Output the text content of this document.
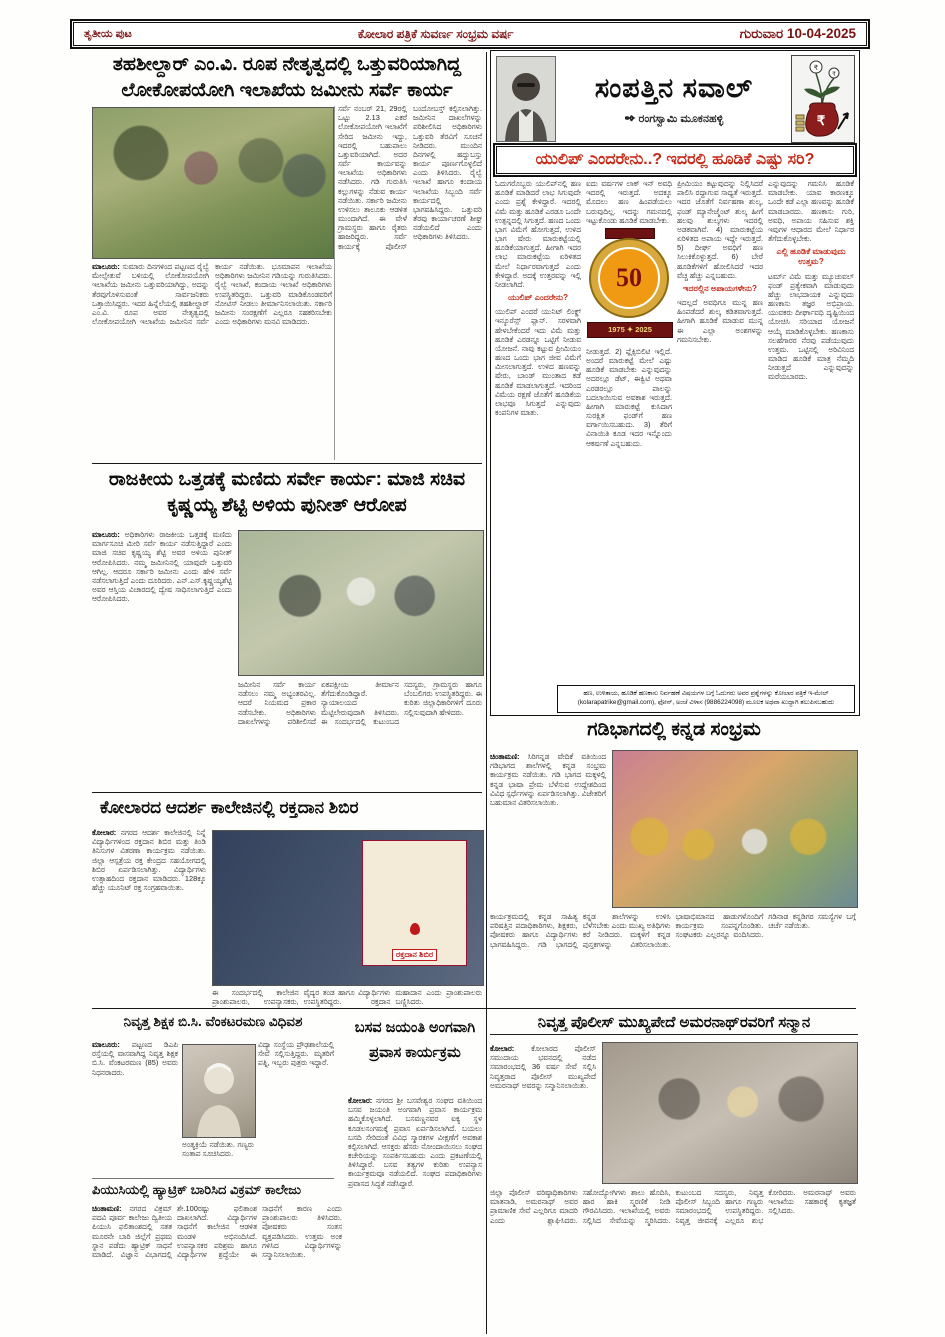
ತೃತೀಯ ಪುಟ	ಕೋಲಾರ ಪತ್ರಿಕೆ ಸುವರ್ಣ ಸಂಭ್ರಮ ವರ್ಷ	ಗುರುವಾರ 10-04-2025
ತಹಶೀಲ್ದಾರ್ ಎಂ.ವಿ. ರೂಪ ನೇತೃತ್ವದಲ್ಲಿ ಒತ್ತುವರಿಯಾಗಿದ್ದ ಲೋಕೋಪಯೋಗಿ ಇಲಾಖೆಯ ಜಮೀನು ಸರ್ವೆ ಕಾರ್ಯ
ಸರ್ವೆ ನಂಬರ್ 21, 29ರಲ್ಲಿ ಒಟ್ಟು 2.13 ಎಕರೆ ಲೋಕೋಪಯೋಗಿ ಇಲಾಖೆಗೆ ಸೇರಿದ ಜಮೀನು ಇದ್ದು, ಇದರಲ್ಲಿ ಬಹುಪಾಲು ಒತ್ತುವರಿಯಾಗಿದೆ. ಅದರ ಸರ್ವೆ ಕಾರ್ಯವನ್ನು ಇಲಾಖೆಯ ಅಧಿಕಾರಿಗಳು ನಡೆಸಿದರು. ಗಡಿ ಗುರುತಿಸಿ ಕಲ್ಲುಗಳನ್ನು ನೆಡುವ ಕಾರ್ಯ ನಡೆಯಿತು. ಸರ್ಕಾರಿ ಜಮೀನು ಉಳಿಸಲು ತಾಲೂಕು ಆಡಳಿತ ಮುಂದಾಗಿದೆ. ಈ ವೇಳೆ ಗ್ರಾಮಸ್ಥರು ಹಾಗೂ ರೈತರು ಹಾಜರಿದ್ದರು. ಸರ್ವೆ ಕಾರ್ಯಕ್ಕೆ ಪೊಲೀಸ್ ಬಂದೋಬಸ್ತ್ ಕಲ್ಪಿಸಲಾಗಿತ್ತು. ಜಮೀನಿನ ದಾಖಲೆಗಳನ್ನು ಪರಿಶೀಲಿಸಿದ ಅಧಿಕಾರಿಗಳು ಒತ್ತುವರಿ ತೆರವಿಗೆ ಸೂಚನೆ ನೀಡಿದರು. ಮುಂದಿನ ದಿನಗಳಲ್ಲಿ ಹದ್ದುಬಸ್ತು ಕಾರ್ಯ ಪೂರ್ಣಗೊಳ್ಳಲಿದೆ ಎಂದು ತಿಳಿಸಿದರು. ರೈಲ್ವೆ ಇಲಾಖೆ ಹಾಗೂ ಕಂದಾಯ ಇಲಾಖೆಯ ಸಿಬ್ಬಂದಿ ಸರ್ವೆ ಕಾರ್ಯದಲ್ಲಿ ಭಾಗವಹಿಸಿದ್ದರು. ಒತ್ತುವರಿ ತೆರವು ಕಾರ್ಯಾಚರಣೆ ಶೀಘ್ರ ನಡೆಯಲಿದೆ ಎಂದು ಅಧಿಕಾರಿಗಳು ತಿಳಿಸಿದರು.
ಮಾಲೂರು: ಸುಮಾರು ದಿನಗಳಿಂದ ಪಟ್ಟಣದ ರೈಲ್ವೆ ಮೇಲ್ಸೇತುವೆ ಬಳಿಯಲ್ಲಿ ಲೋಕೋಪಯೋಗಿ ಇಲಾಖೆಯ ಜಮೀನು ಒತ್ತುವರಿಯಾಗಿದ್ದು, ಅದನ್ನು ತೆರವುಗೊಳಿಸುವಂತೆ ಸಾರ್ವಜನಿಕರು ಒತ್ತಾಯಿಸಿದ್ದರು. ಇದರ ಹಿನ್ನೆಲೆಯಲ್ಲಿ ತಹಶೀಲ್ದಾರ್ ಎಂ.ವಿ. ರೂಪ ಅವರ ನೇತೃತ್ವದಲ್ಲಿ ಲೋಕೋಪಯೋಗಿ ಇಲಾಖೆಯ ಜಮೀನಿನ ಸರ್ವೆ ಕಾರ್ಯ ನಡೆಯಿತು. ಭೂಮಾಪನ ಇಲಾಖೆಯ ಅಧಿಕಾರಿಗಳು ಜಮೀನಿನ ಗಡಿಯನ್ನು ಗುರುತಿಸಿದರು. ರೈಲ್ವೆ ಇಲಾಖೆ, ಕಂದಾಯ ಇಲಾಖೆ ಅಧಿಕಾರಿಗಳು ಉಪಸ್ಥಿತರಿದ್ದರು. ಒತ್ತುವರಿ ಮಾಡಿಕೊಂಡವರಿಗೆ ನೋಟಿಸ್ ನೀಡಲು ತೀರ್ಮಾನಿಸಲಾಯಿತು. ಸರ್ಕಾರಿ ಜಮೀನು ಸಂರಕ್ಷಣೆಗೆ ಎಲ್ಲರೂ ಸಹಕರಿಸಬೇಕು ಎಂದು ಅಧಿಕಾರಿಗಳು ಮನವಿ ಮಾಡಿದರು.
ಸಂಪತ್ತಿನ ಸವಾಲ್
✒ ರಂಗಸ್ವಾಮಿ ಮೂಕನಹಳ್ಳಿ
₹
₹
₹
ಯುಲಿಪ್ ಎಂದರೇನು..? ಇದರಲ್ಲಿ ಹೂಡಿಕೆ ಎಷ್ಟು ಸರಿ?
ಓದುಗರೊಬ್ಬರು ಯುಲಿಪ್‌ನಲ್ಲಿ ಹಣ ಹೂಡಿಕೆ ಮಾಡಿದರೆ ಲಾಭ ಸಿಗುವುದೇ ಎಂದು ಪ್ರಶ್ನೆ ಕೇಳಿದ್ದಾರೆ. ಇದರಲ್ಲಿ ವಿಮೆ ಮತ್ತು ಹೂಡಿಕೆ ಎರಡೂ ಒಂದೇ ಉತ್ಪನ್ನದಲ್ಲಿ ಸಿಗುತ್ತದೆ. ಹಣದ ಒಂದು ಭಾಗ ವಿಮೆಗೆ ಹೋಗುತ್ತದೆ, ಉಳಿದ ಭಾಗ ಷೇರು ಮಾರುಕಟ್ಟೆಯಲ್ಲಿ ಹೂಡಿಕೆಯಾಗುತ್ತದೆ. ಹೀಗಾಗಿ ಇದರ ಲಾಭ ಮಾರುಕಟ್ಟೆಯ ಏರಿಳಿತದ ಮೇಲೆ ನಿರ್ಧಾರವಾಗುತ್ತದೆ ಎಂದು ಕೇಳಿದ್ದಾರೆ. ಅದಕ್ಕೆ ಉತ್ತರವನ್ನು ಇಲ್ಲಿ ನೀಡಲಾಗಿದೆ.
ಯುಲಿಪ್ ಎಂದರೇನು?
ಯುಲಿಪ್ ಎಂದರೆ ಯುನಿಟ್ ಲಿಂಕ್ಡ್ ಇನ್ಶೂರೆನ್ಸ್ ಪ್ಲಾನ್. ಸರಳವಾಗಿ ಹೇಳಬೇಕೆಂದರೆ ಇದು ವಿಮೆ ಮತ್ತು ಹೂಡಿಕೆ ಎರಡನ್ನೂ ಒಟ್ಟಿಗೆ ನೀಡುವ ಯೋಜನೆ. ನಾವು ಕಟ್ಟುವ ಪ್ರೀಮಿಯಂ ಹಣದ ಒಂದು ಭಾಗ ಜೀವ ವಿಮೆಗೆ ಮೀಸಲಾಗುತ್ತದೆ. ಉಳಿದ ಹಣವನ್ನು ಷೇರು, ಬಾಂಡ್ ಮುಂತಾದ ಕಡೆ ಹೂಡಿಕೆ ಮಾಡಲಾಗುತ್ತದೆ. ಇದರಿಂದ ವಿಮೆಯ ರಕ್ಷಣೆ ಜೊತೆಗೆ ಹೂಡಿಕೆಯ ಲಾಭವೂ ಸಿಗುತ್ತದೆ ಎನ್ನುವುದು ಕಂಪನಿಗಳ ಮಾತು.
ಐದು ವರ್ಷಗಳ ಲಾಕ್ ಇನ್ ಅವಧಿ ಇದರಲ್ಲಿ ಇರುತ್ತದೆ. ಅದಕ್ಕೂ ಮೊದಲು ಹಣ ಹಿಂಪಡೆಯಲು ಬರುವುದಿಲ್ಲ. ಇದನ್ನು ಗಮನದಲ್ಲಿ ಇಟ್ಟುಕೊಂಡು ಹೂಡಿಕೆ ಮಾಡಬೇಕು.
50
1975 ✦ 2025
ನೀಡುತ್ತದೆ. 2) ಫ್ಲೆಕ್ಸಿಬಿಲಿಟಿ ಇಲ್ಲಿದೆ. ಅಂದರೆ ಮಾರುಕಟ್ಟೆ ಮೇಲೆ ಎಷ್ಟು ಹೂಡಿಕೆ ಮಾಡಬೇಕು ಎನ್ನುವುದನ್ನು ಅದರಲ್ಲೂ ಡೆಟ್, ಈಕ್ವಿಟಿ ಅಥವಾ ಎರಡರಲ್ಲೂ ಪಾಲನ್ನು ಬದಲಾಯಿಸುವ ಅವಕಾಶ ಇರುತ್ತದೆ. ಹೀಗಾಗಿ ಮಾರುಕಟ್ಟೆ ಕುಸಿದಾಗ ಸುರಕ್ಷಿತ ಫಂಡ್‌ಗೆ ಹಣ ವರ್ಗಾಯಿಸಬಹುದು. 3) ತೆರಿಗೆ ವಿನಾಯಿತಿ ಕೂಡ ಇದರ ಇನ್ನೊಂದು ಆಕರ್ಷಣೆ ಎನ್ನಬಹುದು.
ಪ್ರೀಮಿಯಂ ಕಟ್ಟುವುದನ್ನು ನಿಲ್ಲಿಸಿದರೆ ಪಾಲಿಸಿ ರದ್ದಾಗುವ ಸಾಧ್ಯತೆ ಇರುತ್ತದೆ. ಇದರ ಜೊತೆಗೆ ನಿರ್ವಹಣಾ ಶುಲ್ಕ, ಫಂಡ್ ಮ್ಯಾನೇಜ್ಮೆಂಟ್ ಶುಲ್ಕ ಹೀಗೆ ಹಲವು ಶುಲ್ಕಗಳು ಇದರಲ್ಲಿ ಅಡಕವಾಗಿವೆ. 4) ಮಾರುಕಟ್ಟೆಯ ಏರಿಳಿತದ ಅಪಾಯ ಇದ್ದೇ ಇರುತ್ತದೆ. 5) ದೀರ್ಘ ಅವಧಿಗೆ ಹಣ ಸಿಲುಕಿಕೊಳ್ಳುತ್ತದೆ. 6) ಬೇರೆ ಹೂಡಿಕೆಗಳಿಗೆ ಹೋಲಿಸಿದರೆ ಇದರ ವೆಚ್ಚ ಹೆಚ್ಚು ಎನ್ನಬಹುದು.
ಇದರಲ್ಲಿನ ಅಪಾಯಗಳೇನು?
ಇದಲ್ಲದೆ ಅವಧಿಗೂ ಮುನ್ನ ಹಣ ಹಿಂಪಡೆದರೆ ಶುಲ್ಕ ಕಡಿತವಾಗುತ್ತದೆ. ಹೀಗಾಗಿ ಹೂಡಿಕೆ ಮಾಡುವ ಮುನ್ನ ಈ ಎಲ್ಲಾ ಅಂಶಗಳನ್ನು ಗಮನಿಸಬೇಕು.
ಎನ್ನುವುದನ್ನು ಗಮನಿಸಿ ಹೂಡಿಕೆ ಮಾಡಬೇಕು. ಯಾವ ಕಾರಣಕ್ಕೂ ಒಂದೇ ಕಡೆ ಎಲ್ಲಾ ಹಣವನ್ನು ಹೂಡಿಕೆ ಮಾಡಬಾರದು. ಹಣಕಾಸು ಗುರಿ, ಅವಧಿ, ಅಪಾಯ ಸಹಿಸುವ ಶಕ್ತಿ ಇವುಗಳ ಆಧಾರದ ಮೇಲೆ ನಿರ್ಧಾರ ತೆಗೆದುಕೊಳ್ಳಬೇಕು.
ಎಲ್ಲಿ ಹೂಡಿಕೆ ಮಾಡುವುದು ಉತ್ತಮ?
ಟರ್ಮ್ ವಿಮೆ ಮತ್ತು ಮ್ಯೂಚುವಲ್ ಫಂಡ್ ಪ್ರತ್ಯೇಕವಾಗಿ ಮಾಡುವುದು ಹೆಚ್ಚು ಲಾಭದಾಯಕ ಎನ್ನುವುದು ಹಣಕಾಸು ತಜ್ಞರ ಅಭಿಪ್ರಾಯ. ಯುವಕರು ದೀರ್ಘಾವಧಿ ದೃಷ್ಟಿಯಿಂದ ಯೋಚಿಸಿ ಸರಿಯಾದ ಯೋಜನೆ ಆಯ್ಕೆ ಮಾಡಿಕೊಳ್ಳಬೇಕು. ಹಣಕಾಸು ಸಲಹೆಗಾರರ ನೆರವು ಪಡೆಯುವುದು ಉತ್ತಮ. ಒಟ್ಟಿನಲ್ಲಿ ಅರಿವಿನಿಂದ ಮಾಡಿದ ಹೂಡಿಕೆ ಮಾತ್ರ ನೆಮ್ಮದಿ ನೀಡುತ್ತದೆ ಎನ್ನುವುದನ್ನು ಮರೆಯಬಾರದು.
ಹಣ, ಉಳಿತಾಯ, ಹೂಡಿಕೆ ಹಣಕಾಸು ನಿರ್ವಹಣೆ ವಿಷಯಗಳ ಬಗ್ಗೆ ಓದುಗರು ಅವರ ಪ್ರಶ್ನೆಗಳನ್ನು ಕೋಲಾರ ಪತ್ರಿಕೆ ಇ-ಮೇಲ್
(kolarapatrike@gmail.com), ಫೋನ್, ಅಂಚೆ ವಿಳಾಸ (9886224098) ಮೂಲಕ ಅಥವಾ ಖುದ್ದಾಗಿ ತಲುಪಿಸಬಹುದು
ರಾಜಕೀಯ ಒತ್ತಡಕ್ಕೆ ಮಣಿದು ಸರ್ವೇ ಕಾರ್ಯ: ಮಾಜಿ ಸಚಿವ ಕೃಷ್ಣಯ್ಯ ಶೆಟ್ಟಿ ಅಳಿಯ ಪುನೀತ್ ಆರೋಪ
ಮಾಲೂರು: ಅಧಿಕಾರಿಗಳು ರಾಜಕೀಯ ಒತ್ತಡಕ್ಕೆ ಮಣಿದು ಮಾರ್ಗಸೂಚಿ ಮೀರಿ ಸರ್ವೆ ಕಾರ್ಯ ನಡೆಸುತ್ತಿದ್ದಾರೆ ಎಂದು ಮಾಜಿ ಸಚಿವ ಕೃಷ್ಣಯ್ಯ ಶೆಟ್ಟಿ ಅವರ ಅಳಿಯ ಪುನೀತ್ ಆರೋಪಿಸಿದರು. ನಮ್ಮ ಜಮೀನಿನಲ್ಲಿ ಯಾವುದೇ ಒತ್ತುವರಿ ಆಗಿಲ್ಲ. ಆದರೂ ಸರ್ಕಾರಿ ಜಮೀನು ಎಂದು ಹೇಳಿ ಸರ್ವೆ ನಡೆಸಲಾಗುತ್ತಿದೆ ಎಂದು ದೂರಿದರು. ಎನ್.ಎಸ್.ಕೃಷ್ಣಯ್ಯಶೆಟ್ಟಿ ಅವರ ಆಸ್ತಿಯ ವಿಚಾರದಲ್ಲಿ ದ್ವೇಷ ಸಾಧಿಸಲಾಗುತ್ತಿದೆ ಎಂದು ಆರೋಪಿಸಿದರು.
ಜಮೀನಿನ ಸರ್ವೆ ಕಾರ್ಯ ನಡೆಸಲು ನಮ್ಮ ಅಭ್ಯಂತರವಿಲ್ಲ. ಆದರೆ ನಿಯಮದ ಪ್ರಕಾರ ನಡೆಸಬೇಕು. ಅಧಿಕಾರಿಗಳು ದಾಖಲೆಗಳನ್ನು ಪರಿಶೀಲಿಸದೆ ಏಕಪಕ್ಷೀಯ ತೀರ್ಮಾನ ತೆಗೆದುಕೊಂಡಿದ್ದಾರೆ. ನ್ಯಾಯಾಲಯದ ಮೆಟ್ಟಿಲೇರುವುದಾಗಿ ತಿಳಿಸಿದರು. ಈ ಸಂದರ್ಭದಲ್ಲಿ ಕುಟುಂಬದ ಸದಸ್ಯರು, ಗ್ರಾಮಸ್ಥರು ಹಾಗೂ ಬೆಂಬಲಿಗರು ಉಪಸ್ಥಿತರಿದ್ದರು. ಈ ಕುರಿತು ಜಿಲ್ಲಾಧಿಕಾರಿಗಳಿಗೆ ದೂರು ಸಲ್ಲಿಸುವುದಾಗಿ ಹೇಳಿದರು.
ಕೋಲಾರದ ಆದರ್ಶ ಕಾಲೇಜಿನಲ್ಲಿ ರಕ್ತದಾನ ಶಿಬಿರ
ಕೋಲಾರ: ನಗರದ ಆದರ್ಶ ಕಾಲೇಜಿನಲ್ಲಿ ನಿನ್ನೆ ವಿದ್ಯಾರ್ಥಿಗಳಿಂದ ರಕ್ತದಾನ ಶಿಬಿರ ಮತ್ತು ತಿಂಡಿ ತಿನಿಸುಗಳ ವಿತರಣಾ ಕಾರ್ಯಕ್ರಮ ನಡೆಯಿತು. ಜಿಲ್ಲಾ ಆಸ್ಪತ್ರೆಯ ರಕ್ತ ಕೇಂದ್ರದ ಸಹಯೋಗದಲ್ಲಿ ಶಿಬಿರ ಏರ್ಪಡಿಸಲಾಗಿತ್ತು. ವಿದ್ಯಾರ್ಥಿಗಳು ಉತ್ಸಾಹದಿಂದ ರಕ್ತದಾನ ಮಾಡಿದರು. 128ಕ್ಕೂ ಹೆಚ್ಚು ಯೂನಿಟ್ ರಕ್ತ ಸಂಗ್ರಹವಾಯಿತು.
ರಕ್ತದಾನ ಶಿಬಿರ
ಈ ಸಂದರ್ಭದಲ್ಲಿ ಕಾಲೇಜಿನ ಪ್ರಾಂಶುಪಾಲರು, ಉಪನ್ಯಾಸಕರು, ವೈದ್ಯರ ತಂಡ ಹಾಗೂ ವಿದ್ಯಾರ್ಥಿಗಳು ಉಪಸ್ಥಿತರಿದ್ದರು. ರಕ್ತದಾನ ಮಹಾದಾನ ಎಂದು ಪ್ರಾಂಶುಪಾಲರು ಬಣ್ಣಿಸಿದರು.
ಗಡಿಭಾಗದಲ್ಲಿ ಕನ್ನಡ ಸಂಭ್ರಮ
ಚಿಂತಾಮಣಿ: ಸಿರಿಗನ್ನಡ ವೇದಿಕೆ ವತಿಯಿಂದ ಗಡಿಭಾಗದ ಶಾಲೆಗಳಲ್ಲಿ ಕನ್ನಡ ಸಂಭ್ರಮ ಕಾರ್ಯಕ್ರಮ ನಡೆಯಿತು. ಗಡಿ ಭಾಗದ ಮಕ್ಕಳಲ್ಲಿ ಕನ್ನಡ ಭಾಷಾ ಪ್ರೇಮ ಬೆಳೆಸುವ ಉದ್ದೇಶದಿಂದ ವಿವಿಧ ಸ್ಪರ್ಧೆಗಳನ್ನು ಏರ್ಪಡಿಸಲಾಗಿತ್ತು. ವಿಜೇತರಿಗೆ ಬಹುಮಾನ ವಿತರಿಸಲಾಯಿತು.
ಕಾರ್ಯಕ್ರಮದಲ್ಲಿ ಕನ್ನಡ ಸಾಹಿತ್ಯ ಪರಿಷತ್ತಿನ ಪದಾಧಿಕಾರಿಗಳು, ಶಿಕ್ಷಕರು, ಪೋಷಕರು ಹಾಗೂ ವಿದ್ಯಾರ್ಥಿಗಳು ಭಾಗವಹಿಸಿದ್ದರು. ಗಡಿ ಭಾಗದಲ್ಲಿ ಕನ್ನಡ ಶಾಲೆಗಳನ್ನು ಉಳಿಸಿ ಬೆಳೆಸಬೇಕು ಎಂದು ಮುಖ್ಯ ಅತಿಥಿಗಳು ಕರೆ ನೀಡಿದರು. ಮಕ್ಕಳಿಗೆ ಕನ್ನಡ ಪುಸ್ತಕಗಳನ್ನು ವಿತರಿಸಲಾಯಿತು. ಭಾಷಾಭಿಮಾನದ ಹಾಡುಗಳೊಂದಿಗೆ ಕಾರ್ಯಕ್ರಮ ಸಂಪನ್ನಗೊಂಡಿತು. ಸಂಘಟಕರು ಎಲ್ಲರನ್ನೂ ವಂದಿಸಿದರು. ಗಡಿನಾಡ ಕನ್ನಡಿಗರ ಸಮಸ್ಯೆಗಳ ಬಗ್ಗೆ ಚರ್ಚೆ ನಡೆಯಿತು.
ನಿವೃತ್ತ ಶಿಕ್ಷಕ ಬಿ.ಸಿ. ವೆಂಕಟರಮಣ ವಿಧಿವಶ
ಮಾಲೂರು: ಪಟ್ಟಣದ ಡಿಎಪಿ ರಸ್ತೆಯಲ್ಲಿ ವಾಸವಾಗಿದ್ದ ನಿವೃತ್ತ ಶಿಕ್ಷಕ ಬಿ.ಸಿ. ವೆಂಕಟರಮಣ (85) ಅವರು ನಿಧನರಾದರು.
ಅಂತ್ಯಕ್ರಿಯೆ ನಡೆಯಿತು. ಗಣ್ಯರು ಸಂತಾಪ ಸೂಚಿಸಿದರು.
ವಿದ್ಯಾ ಸಂಸ್ಥೆಯ ಪ್ರೌಢಶಾಲೆಯಲ್ಲಿ ಸೇವೆ ಸಲ್ಲಿಸುತ್ತಿದ್ದರು. ಮೃತರಿಗೆ ಪತ್ನಿ, ಇಬ್ಬರು ಪುತ್ರರು ಇದ್ದಾರೆ.
ಪಿಯುಸಿಯಲ್ಲಿ ಹ್ಯಾಟ್ರಿಕ್ ಬಾರಿಸಿದ ವಿಕ್ರಮ್ ಕಾಲೇಜು
ಚಿಂತಾಮಣಿ: ನಗರದ ವಿಕ್ರಮ್ ಪದವಿ ಪೂರ್ವ ಕಾಲೇಜು ದ್ವಿತೀಯ ಪಿಯುಸಿ ಫಲಿತಾಂಶದಲ್ಲಿ ಸತತ ಮೂರನೇ ಬಾರಿ ಜಿಲ್ಲೆಗೆ ಪ್ರಥಮ ಸ್ಥಾನ ಪಡೆದು ಹ್ಯಾಟ್ರಿಕ್ ಸಾಧನೆ ಮಾಡಿದೆ. ವಿಜ್ಞಾನ ವಿಭಾಗದಲ್ಲಿ ಶೇ.100ರಷ್ಟು ಫಲಿತಾಂಶ ದಾಖಲಾಗಿದೆ. ವಿದ್ಯಾರ್ಥಿಗಳ ಸಾಧನೆಗೆ ಕಾಲೇಜಿನ ಆಡಳಿತ ಮಂಡಳಿ ಅಭಿನಂದಿಸಿದೆ. ಉಪನ್ಯಾಸಕರ ಪರಿಶ್ರಮ ಹಾಗೂ ವಿದ್ಯಾರ್ಥಿಗಳ ಶ್ರದ್ಧೆಯೇ ಈ ಸಾಧನೆಗೆ ಕಾರಣ ಎಂದು ಪ್ರಾಂಶುಪಾಲರು ತಿಳಿಸಿದರು. ಪೋಷಕರು ಸಂತಸ ವ್ಯಕ್ತಪಡಿಸಿದರು. ಉತ್ತಮ ಅಂಕ ಗಳಿಸಿದ ವಿದ್ಯಾರ್ಥಿಗಳನ್ನು ಸನ್ಮಾನಿಸಲಾಯಿತು.
ಬಸವ ಜಯಂತಿ ಅಂಗವಾಗಿ ಪ್ರವಾಸ ಕಾರ್ಯಕ್ರಮ
ಕೋಲಾರ: ನಗರದ ಶ್ರೀ ಬಸವೇಶ್ವರ ಸಂಘದ ವತಿಯಿಂದ ಬಸವ ಜಯಂತಿ ಅಂಗವಾಗಿ ಪ್ರವಾಸ ಕಾರ್ಯಕ್ರಮ ಹಮ್ಮಿಕೊಳ್ಳಲಾಗಿದೆ. ಬಸವಣ್ಣನವರ ಐಕ್ಯ ಸ್ಥಳ ಕೂಡಲಸಂಗಮಕ್ಕೆ ಪ್ರವಾಸ ಏರ್ಪಡಿಸಲಾಗಿದೆ. ಬಯಲು ಬಸದಿ ಸೇರಿದಂತೆ ವಿವಿಧ ಸ್ಮಾರಕಗಳ ವೀಕ್ಷಣೆಗೆ ಅವಕಾಶ ಕಲ್ಪಿಸಲಾಗಿದೆ. ಆಸಕ್ತರು ಹೆಸರು ನೋಂದಾಯಿಸಲು ಸಂಘದ ಕಚೇರಿಯನ್ನು ಸಂಪರ್ಕಿಸಬಹುದು ಎಂದು ಪ್ರಕಟಣೆಯಲ್ಲಿ ತಿಳಿಸಿದ್ದಾರೆ. ಬಸವ ತತ್ವಗಳ ಕುರಿತು ಉಪನ್ಯಾಸ ಕಾರ್ಯಕ್ರಮವೂ ನಡೆಯಲಿದೆ. ಸಂಘದ ಪದಾಧಿಕಾರಿಗಳು ಪ್ರವಾಸದ ಸಿದ್ಧತೆ ನಡೆಸಿದ್ದಾರೆ.
ನಿವೃತ್ತ ಪೊಲೀಸ್ ಮುಖ್ಯಪೇದೆ ಅಮರನಾಥ್‌ರವರಿಗೆ ಸನ್ಮಾನ
ಕೋಲಾರ: ಕೋಲಾರದ ಪೊಲೀಸ್ ಸಮುದಾಯ ಭವನದಲ್ಲಿ ನಡೆದ ಸಮಾರಂಭದಲ್ಲಿ 36 ವರ್ಷ ಸೇವೆ ಸಲ್ಲಿಸಿ ನಿವೃತ್ತರಾದ ಪೊಲೀಸ್ ಮುಖ್ಯಪೇದೆ ಅಮರನಾಥ್ ಅವರನ್ನು ಸನ್ಮಾನಿಸಲಾಯಿತು.
ಜಿಲ್ಲಾ ಪೊಲೀಸ್ ವರಿಷ್ಠಾಧಿಕಾರಿಗಳು ಮಾತನಾಡಿ, ಅಮರನಾಥ್ ಅವರ ಪ್ರಾಮಾಣಿಕ ಸೇವೆ ಎಲ್ಲರಿಗೂ ಮಾದರಿ ಎಂದು ಶ್ಲಾಘಿಸಿದರು. ಸಹೋದ್ಯೋಗಿಗಳು ಶಾಲು ಹೊದಿಸಿ, ಹಾರ ಹಾಕಿ ಸ್ಮರಣಿಕೆ ನೀಡಿ ಗೌರವಿಸಿದರು. ಇಲಾಖೆಯಲ್ಲಿ ಅವರು ಸಲ್ಲಿಸಿದ ಸೇವೆಯನ್ನು ಸ್ಮರಿಸಿದರು. ಕುಟುಂಬದ ಸದಸ್ಯರು, ನಿವೃತ್ತ ಪೊಲೀಸ್ ಸಿಬ್ಬಂದಿ ಹಾಗೂ ಗಣ್ಯರು ಸಮಾರಂಭದಲ್ಲಿ ಉಪಸ್ಥಿತರಿದ್ದರು. ನಿವೃತ್ತ ಜೀವನಕ್ಕೆ ಎಲ್ಲರೂ ಶುಭ ಕೋರಿದರು. ಅಮರನಾಥ್ ಅವರು ಇಲಾಖೆಯ ಸಹಕಾರಕ್ಕೆ ಕೃತಜ್ಞತೆ ಸಲ್ಲಿಸಿದರು.
